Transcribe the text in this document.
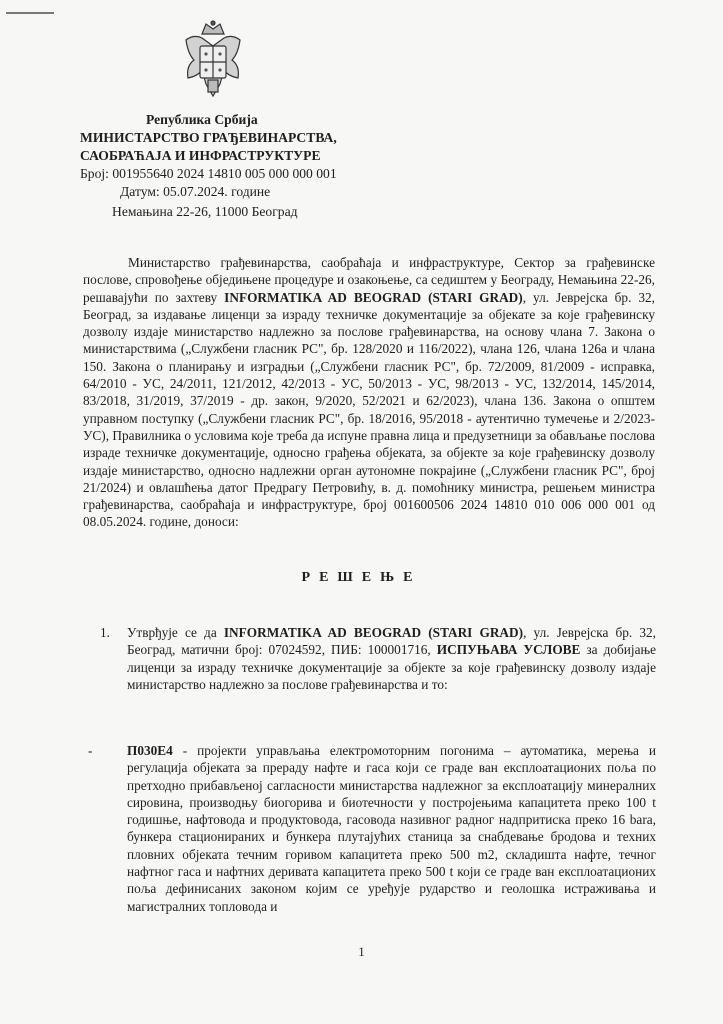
Република Србија
МИНИСТАРСТВО ГРАЂЕВИНАРСТВА,
САОБРАЋАЈА И ИНФРАСТРУКТУРЕ
Број: 001955640 2024 14810 005 000 000 001
Датум: 05.07.2024. године
Немањина 22-26, 11000 Београд
Министарство грађевинарства, саобраћаја и инфраструктуре, Сектор за грађевинске послове, спровођење обједињене процедуре и озакоњење, са седиштем у Београду, Немањина 22-26, решавајући по захтеву INFORMATIKA AD BEOGRAD (STARI GRAD), ул. Јеврејска бр. 32, Београд, за издавање лиценци за израду техничке документације за објекате за које грађевинску дозволу издаје министарство надлежно за послове грађевинарства, на основу члана 7. Закона о министарствима („Службени гласник РС", бр. 128/2020 и 116/2022), члана 126, члана 126а и члана 150. Закона о планирању и изградњи („Службени гласник РС", бр. 72/2009, 81/2009 - исправка, 64/2010 - УС, 24/2011, 121/2012, 42/2013 - УС, 50/2013 - УС, 98/2013 - УС, 132/2014, 145/2014, 83/2018, 31/2019, 37/2019 - др. закон, 9/2020, 52/2021 и 62/2023), члана 136. Закона о општем управном поступку („Службени гласник РС", бр. 18/2016, 95/2018 - аутентично тумечење и 2/2023-УС), Правилника о условима које треба да испуне правна лица и предузетници за обављање послова израде техничке документације, односно грађења објеката, за објекте за које грађевинску дозволу издаје министарство, односно надлежни орган аутономне покрајине („Службени гласник РС", број 21/2024) и овлашћења датог Предрагу Петровићу, в. д. помоћнику министра, решењем министра грађевинарства, саобраћаја и инфраструктуре, број 001600506 2024 14810 010 006 000 001 од 08.05.2024. године, доноси:
РЕШЕЊЕ
1. Утврђује се да INFORMATIKA AD BEOGRAD (STARI GRAD), ул. Јеврејска бр. 32, Београд, матични број: 07024592, ПИБ: 100001716, ИСПУЊАВА УСЛОВЕ за добијање лиценци за израду техничке документације за објекте за које грађевинску дозволу издаје министарство надлежно за послове грађевинарства и то:
-	П030Е4 - пројекти управљања електромоторним погонима – аутоматика, мерења и регулација објеката за прераду нафте и гаса који се граде ван експлоатационих поља по претходно прибављеној сагласности министарства надлежног за експлоатацију минералних сировина, производњу биогорива и биотечности у постројењима капацитета преко 100 t годишње, нафтовода и продуктовода, гасовода називног радног надпритиска преко 16 bara, бункера стационираних и бункера плутајућих станица за снабдевање бродова и техних пловних објеката течним горивом капацитета преко 500 m2, складишта нафте, течног нафтног гаса и нафтних деривата капацитета преко 500 t који се граде ван експлоатационих поља дефинисаних законом којим се уређује рударство и геолошка истраживања и магистралних топловода и
1
